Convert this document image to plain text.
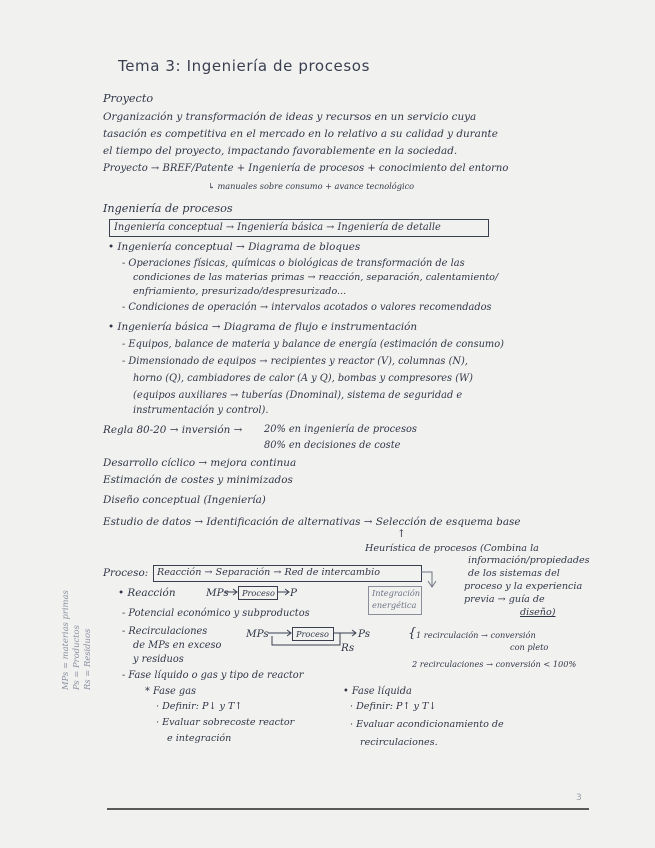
Tema 3: Ingeniería de procesos
Proyecto
Organización y transformación de ideas y recursos en un servicio cuya
tasación es competitiva en el mercado en lo relativo a su calidad y durante
el tiempo del proyecto, impactando favorablemente en la sociedad.
Proyecto → BREF/Patente + Ingeniería de procesos + conocimiento del entorno
↳ manuales sobre consumo + avance tecnológico
Ingeniería de procesos
Ingeniería conceptual → Ingeniería básica → Ingeniería de detalle
• Ingeniería conceptual → Diagrama de bloques
- Operaciones físicas, químicas o biológicas de transformación de las
condiciones de las materias primas → reacción, separación, calentamiento/
enfriamiento, presurizado/despresurizado...
- Condiciones de operación → intervalos acotados o valores recomendados
• Ingeniería básica → Diagrama de flujo e instrumentación
- Equipos, balance de materia y balance de energía (estimación de consumo)
- Dimensionado de equipos → recipientes y reactor (V), columnas (N),
horno (Q), cambiadores de calor (A y Q), bombas y compresores (W)
(equipos auxiliares → tuberías (Dnominal), sistema de seguridad e
instrumentación y control).
Regla 80-20 → inversión → 20% en ingeniería de procesos
80% en decisiones de coste
Desarrollo cíclico → mejora continua
Estimación de costes y minimizados
Diseño conceptual (Ingeniería)
Estudio de datos → Identificación de alternativas → Selección de esquema base
↑
Heurística de procesos (Combina la
información/propiedades
de los sistemas del
proceso y la experiencia
previa → guía de
diseño)
Proceso: Reacción → Separación → Red de intercambio
Integración
energética
• Reacción	MPs Proceso P
- Potencial económico y subproductos
- Recirculaciones
de MPs en exceso
y residuos
- Fase líquido o gas y tipo de reactor
MPs	Proceso	Ps
Rs
{ 1 recirculación → conversión
con pleto
2 recirculaciones → conversión < 100%
* Fase gas
· Definir: P↓ y T↑
· Evaluar sobrecoste reactor
e integración
• Fase líquida
· Definir: P↑ y T↓
· Evaluar acondicionamiento de
recirculaciones.
MPs = materias primas Ps = Productos Rs = Residuos
3
